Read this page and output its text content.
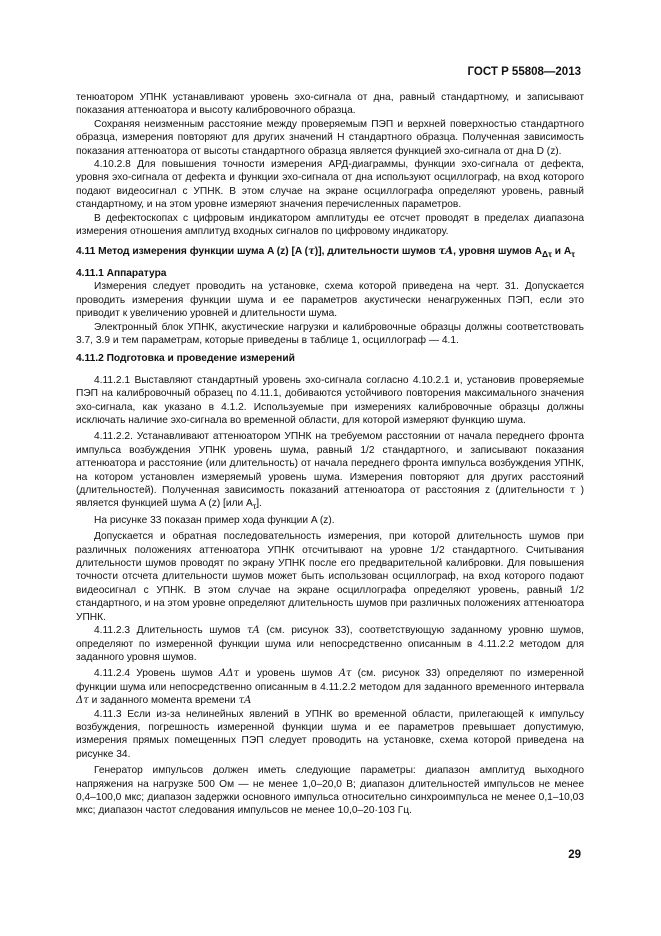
ГОСТ Р 55808—2013

тенюатором УПНК устанавливают уровень эхо-сигнала от дна, равный стандартному, и записывают показания аттенюатора и высоту калибровочного образца.

Сохраняя неизменным расстояние между проверяемым ПЭП и верхней поверхностью стандартного образца, измерения повторяют для других значений H стандартного образца. Полученная зависимость показания аттенюатора от высоты стандартного образца является функцией эхо-сигнала от дна D (z).

4.10.2.8 Для повышения точности измерения АРД-диаграммы, функции эхо-сигнала от дефекта, уровня эхо-сигнала от дефекта и функции эхо-сигнала от дна используют осциллограф, на вход которого подают видеосигнал с УПНК. В этом случае на экране осциллографа определяют уровень, равный стандартному, и на этом уровне измеряют значения перечисленных параметров.

В дефектоскопах с цифровым индикатором амплитуды ее отсчет проводят в пределах диапазона измерения отношения амплитуд входных сигналов по цифровому индикатору.

4.11 Метод измерения функции шума A (z) [A (τ)], длительности шумов τA, уровня шумов $A_{\Delta\tau}$ и $A_\tau$

4.11.1 Аппаратура

Измерения следует проводить на установке, схема которой приведена на черт. 31. Допускается проводить измерения функции шума и ее параметров акустически ненагруженных ПЭП, если это приводит к увеличению уровней и длительности шума.

Электронный блок УПНК, акустические нагрузки и калибровочные образцы должны соответствовать 3.7, 3.9 и тем параметрам, которые приведены в таблице 1, осциллограф — 4.1.

4.11.2 Подготовка и проведение измерений

4.11.2.1 Выставляют стандартный уровень эхо-сигнала согласно 4.10.2.1 и, установив проверяемые ПЭП на калибровочный образец по 4.11.1, добиваются устойчивого повторения максимального значения эхо-сигнала, как указано в 4.1.2. Используемые при измерениях калибровочные образцы должны исключать наличие эхо-сигнала во временной области, для которой измеряют функцию шума.

4.11.2.2. Устанавливают аттенюатором УПНК на требуемом расстоянии от начала переднего фронта импульса возбуждения УПНК уровень шума, равный 1/2 стандартного, и записывают показания аттенюатора и расстояние (или длительность) от начала переднего фронта импульса возбуждения УПНК, на котором установлен измеряемый уровень шума. Измерения повторяют для других расстояний (длительностей). Полученная зависимость показаний аттенюатора от расстояния z (длительности τ ) является функцией шума A (z) [или $A_\tau$].

На рисунке 33 показан пример хода функции A (z).

Допускается и обратная последовательность измерения, при которой длительность шумов при различных положениях аттенюатора УПНК отсчитывают на уровне 1/2 стандартного. Считывания длительности шумов проводят по экрану УПНК после его предварительной калибровки. Для повышения точности отсчета длительности шумов может быть использован осциллограф, на вход которого подают видеосигнал с УПНК. В этом случае на экране осциллографа определяют уровень, равный 1/2 стандартного, и на этом уровне определяют длительность шумов при различных положениях аттенюатора УПНК.

4.11.2.3 Длительность шумов τA (см. рисунок 33), соответствующую заданному уровню шумов, определяют по измеренной функции шума или непосредственно описанным в 4.11.2.2 методом для заданного уровня шумов.

4.11.2.4 Уровень шумов AΔτ и уровень шумов Aτ (см. рисунок 33) определяют по измеренной функции шума или непосредственно описанным в 4.11.2.2 методом для заданного временного интервала Δτ и заданного момента времени τA

4.11.3 Если из-за нелинейных явлений в УПНК во временной области, прилегающей к импульсу возбуждения, погрешность измеренной функции шума и ее параметров превышает допустимую, измерения прямых помещенных ПЭП следует проводить на установке, схема которой приведена на рисунке 34.

Генератор импульсов должен иметь следующие параметры: диапазон амплитуд выходного напряжения на нагрузке 500 Ом — не менее 1,0–20,0 В; диапазон длительностей импульсов не менее 0,4–100,0 мкс; диапазон задержки основного импульса относительно синхроимпульса не менее 0,1–10,03 мкс; диапазон частот следования импульсов не менее 10,0–20·103 Гц.

29
